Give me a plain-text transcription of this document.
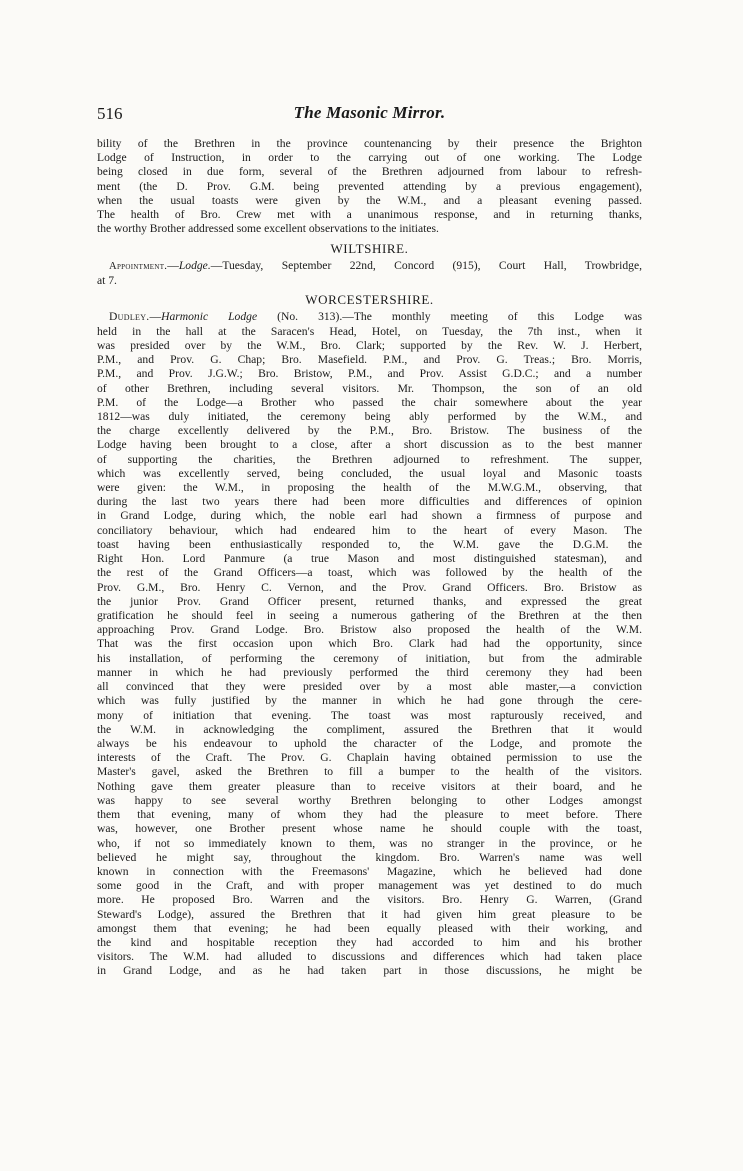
516	The Masonic Mirror.
bility of the Brethren in the province countenancing by their presence the Brighton
Lodge of Instruction, in order to the carrying out of one working. The Lodge
being closed in due form, several of the Brethren adjourned from labour to refresh-
ment (the D. Prov. G.M. being prevented attending by a previous engagement),
when the usual toasts were given by the W.M., and a pleasant evening passed.
The health of Bro. Crew met with a unanimous response, and in returning thanks,
the worthy Brother addressed some excellent observations to the initiates.
WILTSHIRE.
Appointment.—Lodge.—Tuesday, September 22nd, Concord (915), Court Hall, Trowbridge,
at 7.
WORCESTERSHIRE.
Dudley.—Harmonic Lodge (No. 313).—The monthly meeting of this Lodge was
held in the hall at the Saracen's Head, Hotel, on Tuesday, the 7th inst., when it
was presided over by the W.M., Bro. Clark; supported by the Rev. W. J. Herbert,
P.M., and Prov. G. Chap; Bro. Masefield. P.M., and Prov. G. Treas.; Bro. Morris,
P.M., and Prov. J.G.W.; Bro. Bristow, P.M., and Prov. Assist G.D.C.; and a number
of other Brethren, including several visitors. Mr. Thompson, the son of an old
P.M. of the Lodge—a Brother who passed the chair somewhere about the year
1812—was duly initiated, the ceremony being ably performed by the W.M., and
the charge excellently delivered by the P.M., Bro. Bristow. The business of the
Lodge having been brought to a close, after a short discussion as to the best manner
of supporting the charities, the Brethren adjourned to refreshment. The supper,
which was excellently served, being concluded, the usual loyal and Masonic toasts
were given: the W.M., in proposing the health of the M.W.G.M., observing, that
during the last two years there had been more difficulties and differences of opinion
in Grand Lodge, during which, the noble earl had shown a firmness of purpose and
conciliatory behaviour, which had endeared him to the heart of every Mason. The
toast having been enthusiastically responded to, the W.M. gave the D.G.M. the
Right Hon. Lord Panmure (a true Mason and most distinguished statesman), and
the rest of the Grand Officers—a toast, which was followed by the health of the
Prov. G.M., Bro. Henry C. Vernon, and the Prov. Grand Officers. Bro. Bristow as
the junior Prov. Grand Officer present, returned thanks, and expressed the great
gratification he should feel in seeing a numerous gathering of the Brethren at the then
approaching Prov. Grand Lodge. Bro. Bristow also proposed the health of the W.M.
That was the first occasion upon which Bro. Clark had had the opportunity, since
his installation, of performing the ceremony of initiation, but from the admirable
manner in which he had previously performed the third ceremony they had been
all convinced that they were presided over by a most able master,—a conviction
which was fully justified by the manner in which he had gone through the cere-
mony of initiation that evening. The toast was most rapturously received, and
the W.M. in acknowledging the compliment, assured the Brethren that it would
always be his endeavour to uphold the character of the Lodge, and promote the
interests of the Craft. The Prov. G. Chaplain having obtained permission to use the
Master's gavel, asked the Brethren to fill a bumper to the health of the visitors.
Nothing gave them greater pleasure than to receive visitors at their board, and he
was happy to see several worthy Brethren belonging to other Lodges amongst
them that evening, many of whom they had the pleasure to meet before. There
was, however, one Brother present whose name he should couple with the toast,
who, if not so immediately known to them, was no stranger in the province, or he
believed he might say, throughout the kingdom. Bro. Warren's name was well
known in connection with the Freemasons' Magazine, which he believed had done
some good in the Craft, and with proper management was yet destined to do much
more. He proposed Bro. Warren and the visitors. Bro. Henry G. Warren, (Grand
Steward's Lodge), assured the Brethren that it had given him great pleasure to be
amongst them that evening; he had been equally pleased with their working, and
the kind and hospitable reception they had accorded to him and his brother
visitors. The W.M. had alluded to discussions and differences which had taken place
in Grand Lodge, and as he had taken part in those discussions, he might be
